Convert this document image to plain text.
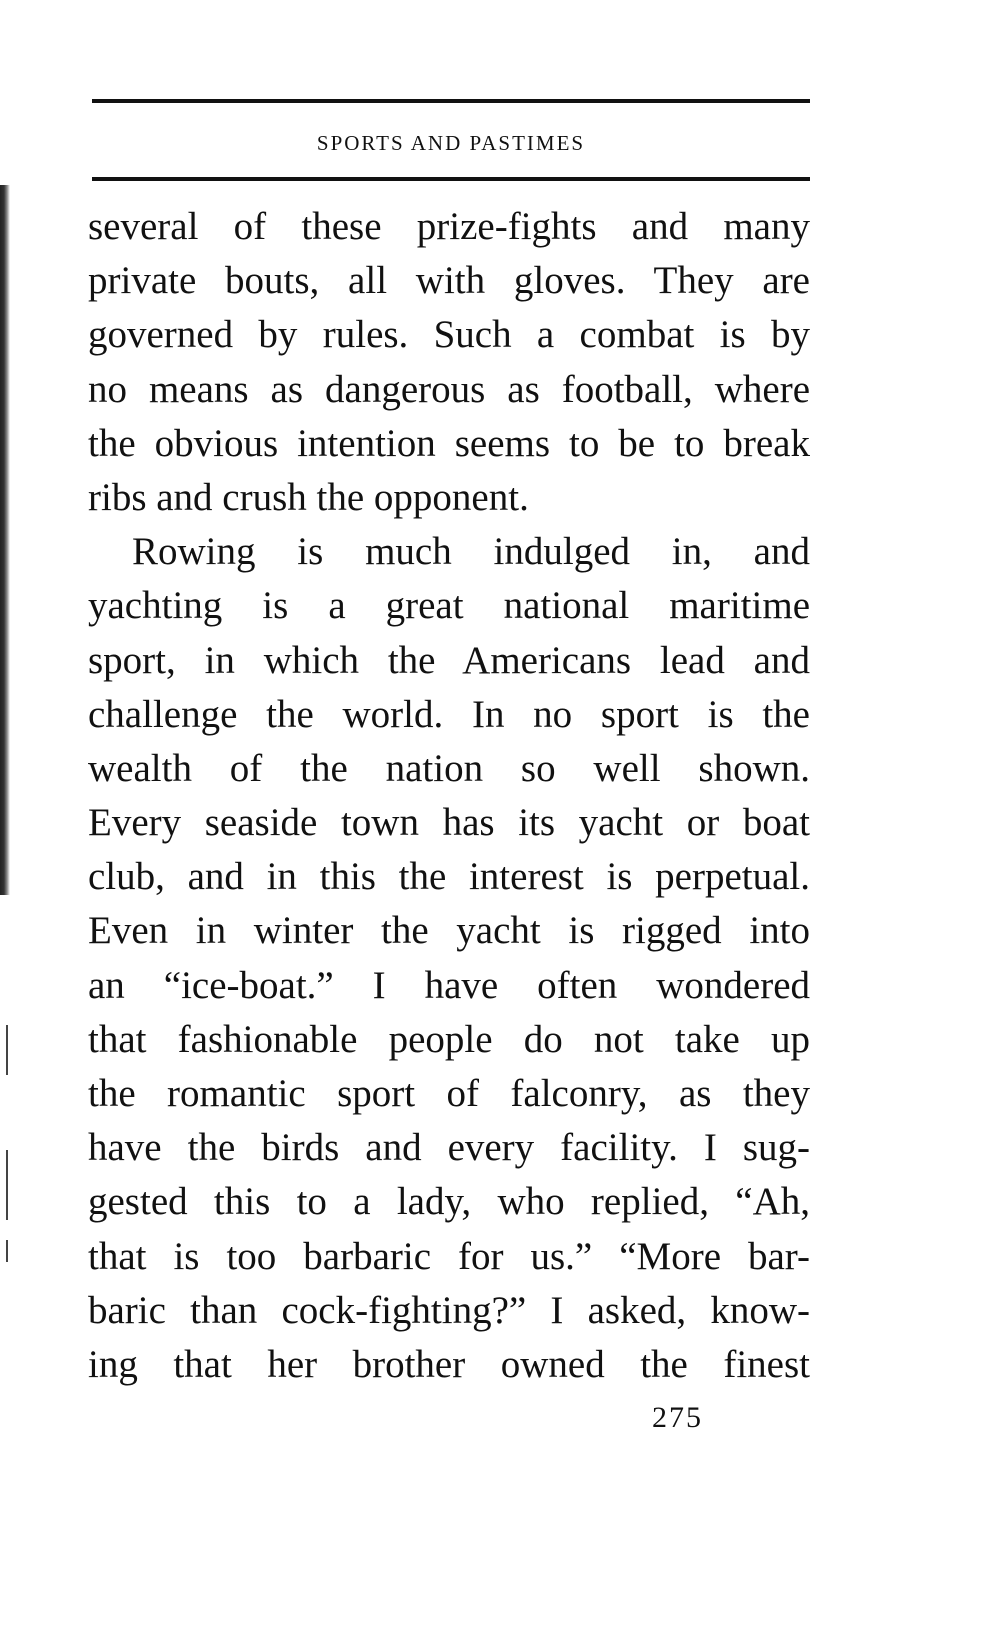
SPORTS AND PASTIMES
several of these prize-fights and many
private bouts, all with gloves. They are
governed by rules. Such a combat is by
no means as dangerous as football, where
the obvious intention seems to be to break
ribs and crush the opponent.
Rowing is much indulged in, and
yachting is a great national maritime
sport, in which the Americans lead and
challenge the world. In no sport is the
wealth of the nation so well shown.
Every seaside town has its yacht or boat
club, and in this the interest is perpetual.
Even in winter the yacht is rigged into
an “ice-boat.” I have often wondered
that fashionable people do not take up
the romantic sport of falconry, as they
have the birds and every facility. I sug-
gested this to a lady, who replied, “Ah,
that is too barbaric for us.” “More bar-
baric than cock-fighting?” I asked, know-
ing that her brother owned the finest
275
